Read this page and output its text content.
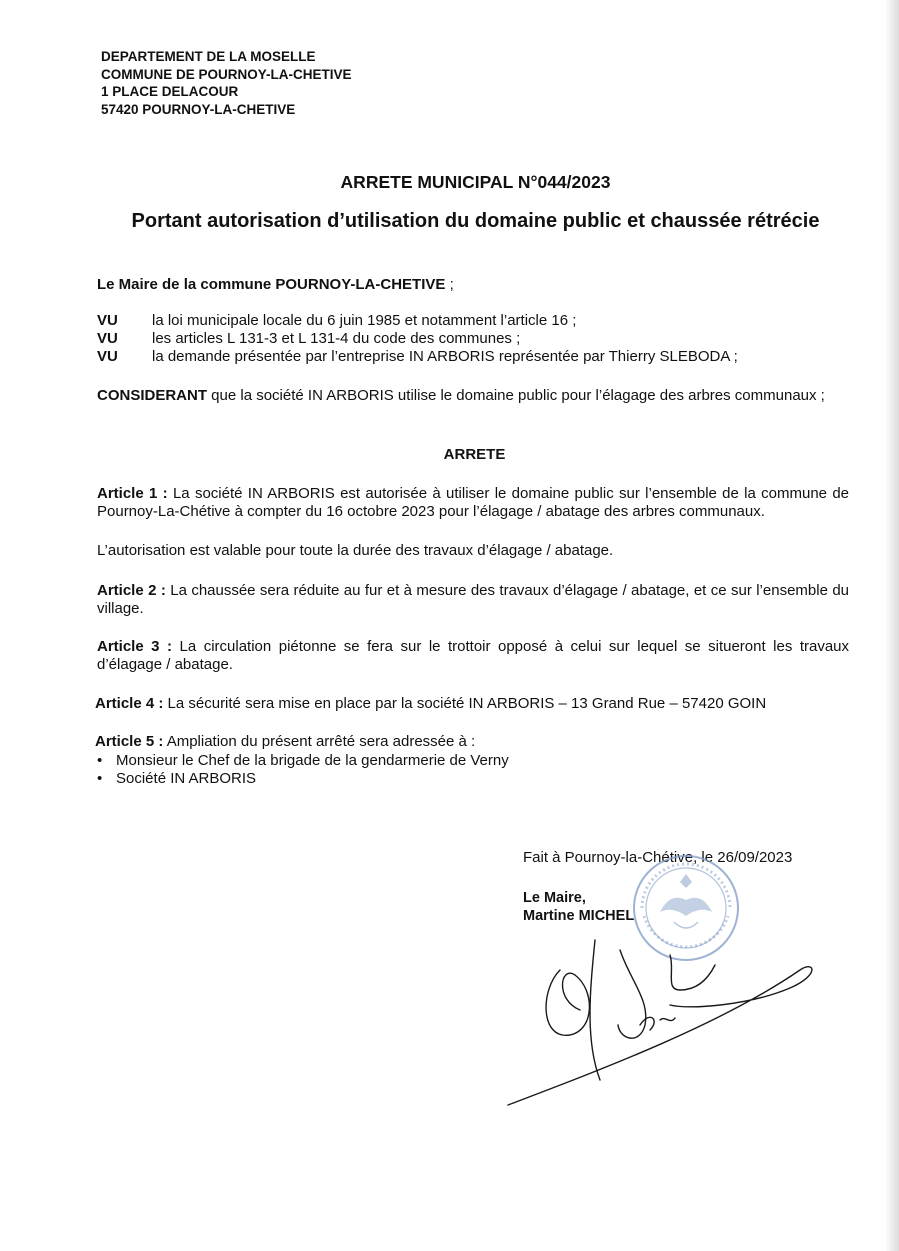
DEPARTEMENT DE LA MOSELLE
COMMUNE DE POURNOY-LA-CHETIVE
1 PLACE DELACOUR
57420 POURNOY-LA-CHETIVE
ARRETE MUNICIPAL N°044/2023
Portant autorisation d’utilisation du domaine public et chaussée rétrécie
Le Maire de la commune POURNOY-LA-CHETIVE ;
VU la loi municipale locale du 6 juin 1985 et notamment l’article 16 ;
VU les articles L 131-3 et L 131-4 du code des communes ;
VU la demande présentée par l’entreprise IN ARBORIS représentée par Thierry SLEBODA ;
CONSIDERANT que la société IN ARBORIS utilise le domaine public pour l’élagage des arbres communaux ;
ARRETE
Article 1 : La société IN ARBORIS est autorisée à utiliser le domaine public sur l’ensemble de la commune de Pournoy-La-Chétive à compter du 16 octobre 2023 pour l’élagage / abatage des arbres communaux.
L’autorisation est valable pour toute la durée des travaux d’élagage / abatage.
Article 2 : La chaussée sera réduite au fur et à mesure des travaux d’élagage / abatage, et ce sur l’ensemble du village.
Article 3 : La circulation piétonne se fera sur le trottoir opposé à celui sur lequel se situeront les travaux d’élagage / abatage.
Article 4 : La sécurité sera mise en place par la société IN ARBORIS – 13 Grand Rue – 57420 GOIN
Article 5 : Ampliation du présent arrêté sera adressée à :
• Monsieur le Chef de la brigade de la gendarmerie de Verny
• Société IN ARBORIS
Fait à Pournoy-la-Chétive, le 26/09/2023
Le Maire,
Martine MICHEL
